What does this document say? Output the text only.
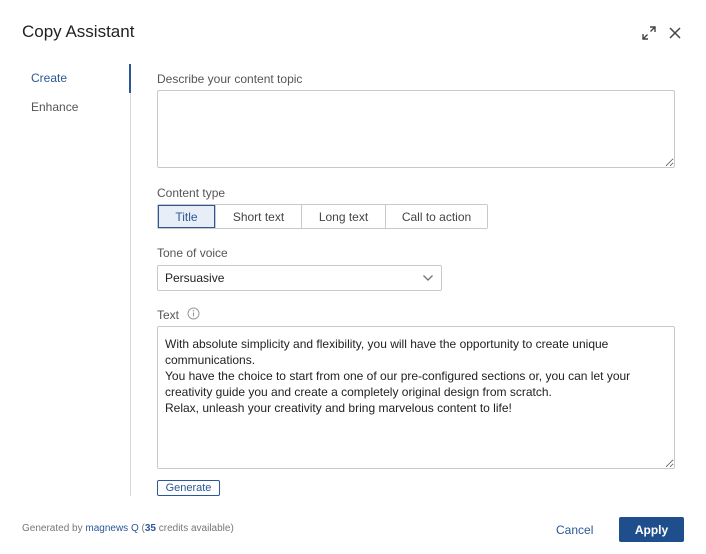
Copy Assistant
Create
Enhance
Describe your content topic
Content type
Title	Short text	Long text	Call to action
Tone of voice
Persuasive
Text
With absolute simplicity and flexibility, you will have the opportunity to create unique communications.
You have the choice to start from one of our pre-configured sections or, you can let your creativity guide you and create a completely original design from scratch.
Relax, unleash your creativity and bring marvelous content to life!
Generate
Generated by magnews Q (35 credits available)	Cancel	Apply
